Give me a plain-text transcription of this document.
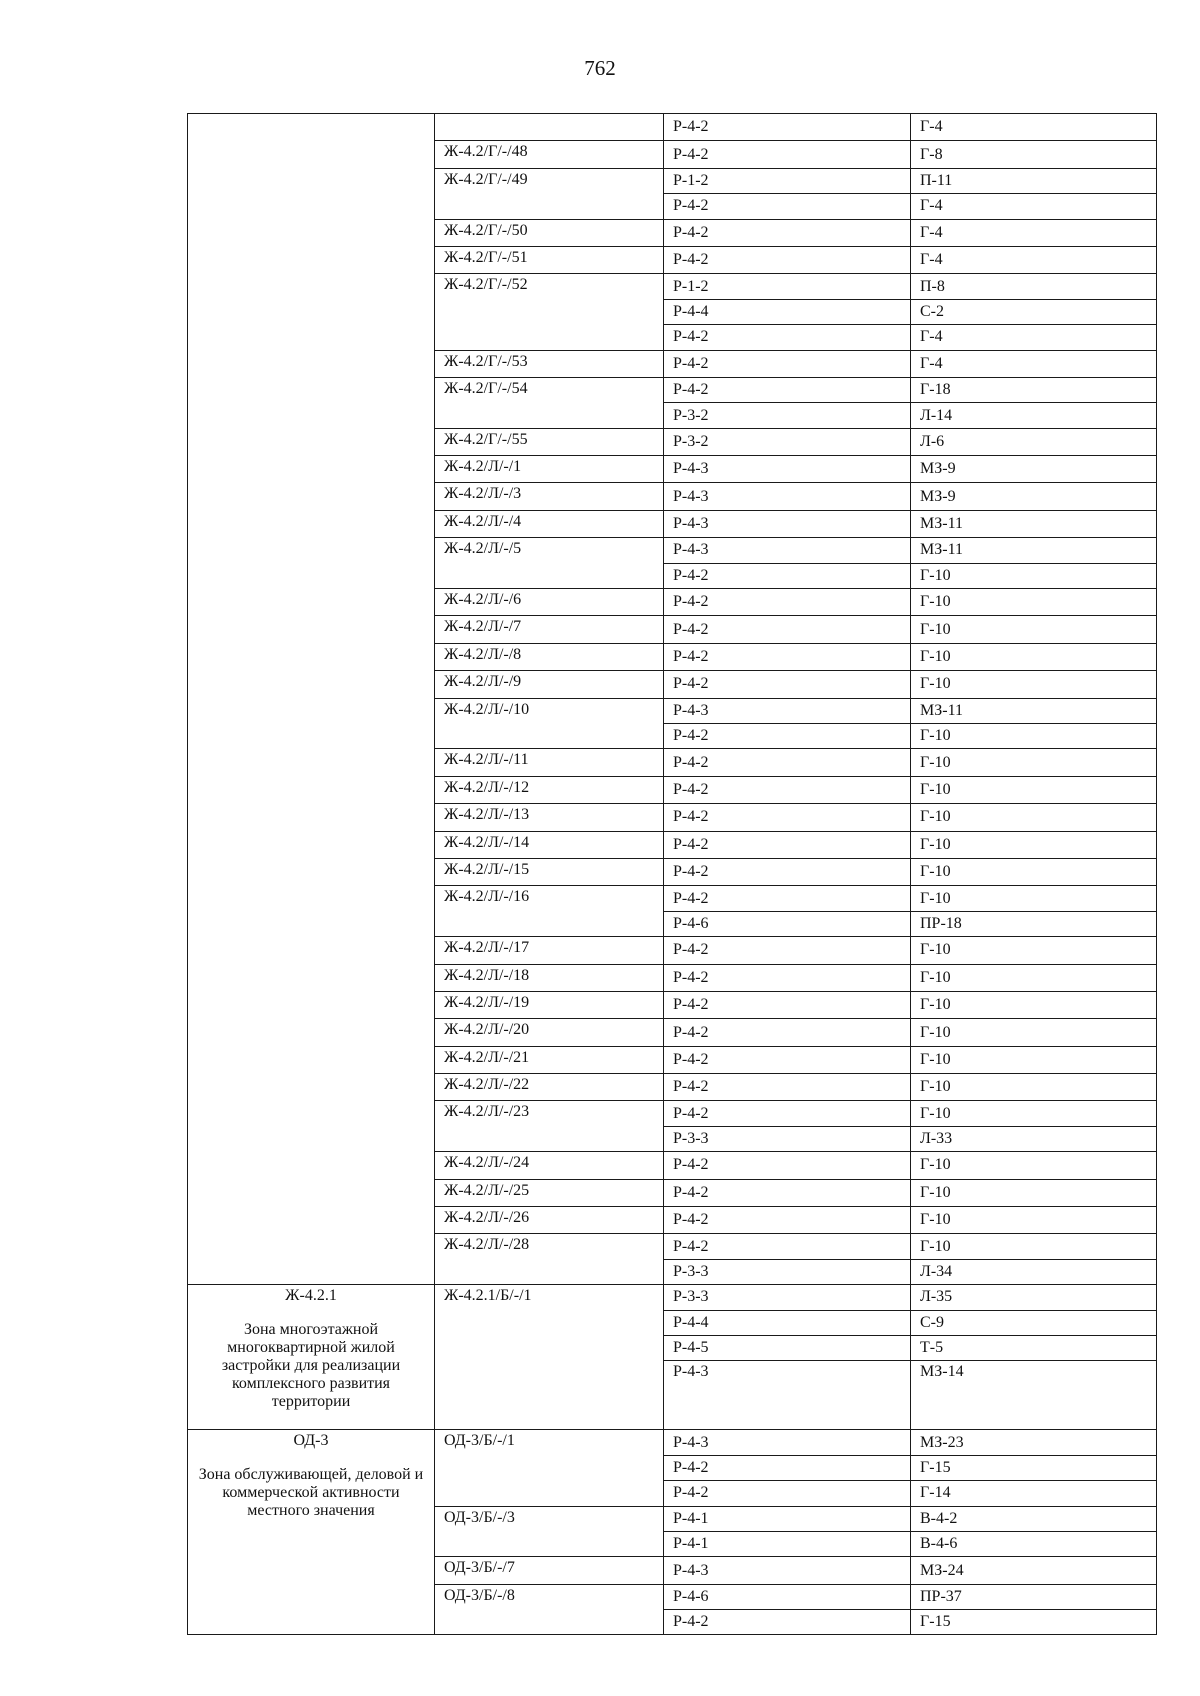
762
		Р-4-2	Г-4
	Ж-4.2/Г/-/48	Р-4-2	Г-8
	Ж-4.2/Г/-/49	Р-1-2	П-11
		Р-4-2	Г-4
	Ж-4.2/Г/-/50	Р-4-2	Г-4
	Ж-4.2/Г/-/51	Р-4-2	Г-4
	Ж-4.2/Г/-/52	Р-1-2	П-8
		Р-4-4	С-2
		Р-4-2	Г-4
	Ж-4.2/Г/-/53	Р-4-2	Г-4
	Ж-4.2/Г/-/54	Р-4-2	Г-18
		Р-3-2	Л-14
	Ж-4.2/Г/-/55	Р-3-2	Л-6
	Ж-4.2/Л/-/1	Р-4-3	МЗ-9
	Ж-4.2/Л/-/3	Р-4-3	МЗ-9
	Ж-4.2/Л/-/4	Р-4-3	МЗ-11
	Ж-4.2/Л/-/5	Р-4-3	МЗ-11
		Р-4-2	Г-10
	Ж-4.2/Л/-/6	Р-4-2	Г-10
	Ж-4.2/Л/-/7	Р-4-2	Г-10
	Ж-4.2/Л/-/8	Р-4-2	Г-10
	Ж-4.2/Л/-/9	Р-4-2	Г-10
	Ж-4.2/Л/-/10	Р-4-3	МЗ-11
		Р-4-2	Г-10
	Ж-4.2/Л/-/11	Р-4-2	Г-10
	Ж-4.2/Л/-/12	Р-4-2	Г-10
	Ж-4.2/Л/-/13	Р-4-2	Г-10
	Ж-4.2/Л/-/14	Р-4-2	Г-10
	Ж-4.2/Л/-/15	Р-4-2	Г-10
	Ж-4.2/Л/-/16	Р-4-2	Г-10
		Р-4-6	ПР-18
	Ж-4.2/Л/-/17	Р-4-2	Г-10
	Ж-4.2/Л/-/18	Р-4-2	Г-10
	Ж-4.2/Л/-/19	Р-4-2	Г-10
	Ж-4.2/Л/-/20	Р-4-2	Г-10
	Ж-4.2/Л/-/21	Р-4-2	Г-10
	Ж-4.2/Л/-/22	Р-4-2	Г-10
	Ж-4.2/Л/-/23	Р-4-2	Г-10
		Р-3-3	Л-33
	Ж-4.2/Л/-/24	Р-4-2	Г-10
	Ж-4.2/Л/-/25	Р-4-2	Г-10
	Ж-4.2/Л/-/26	Р-4-2	Г-10
	Ж-4.2/Л/-/28	Р-4-2	Г-10
		Р-3-3	Л-34

Ж-4.2.1
Зона многоэтажной многоквартирной жилой застройки для реализации комплексного развития территории	Ж-4.2.1/Б/-/1	Р-3-3	Л-35
		Р-4-4	С-9
		Р-4-5	Т-5
		Р-4-3	МЗ-14

ОД-3
Зона обслуживающей, деловой и коммерческой активности местного значения	ОД-3/Б/-/1	Р-4-3	МЗ-23
		Р-4-2	Г-15
		Р-4-2	Г-14
	ОД-3/Б/-/3	Р-4-1	В-4-2
		Р-4-1	В-4-6
	ОД-3/Б/-/7	Р-4-3	МЗ-24
	ОД-3/Б/-/8	Р-4-6	ПР-37
		Р-4-2	Г-15
